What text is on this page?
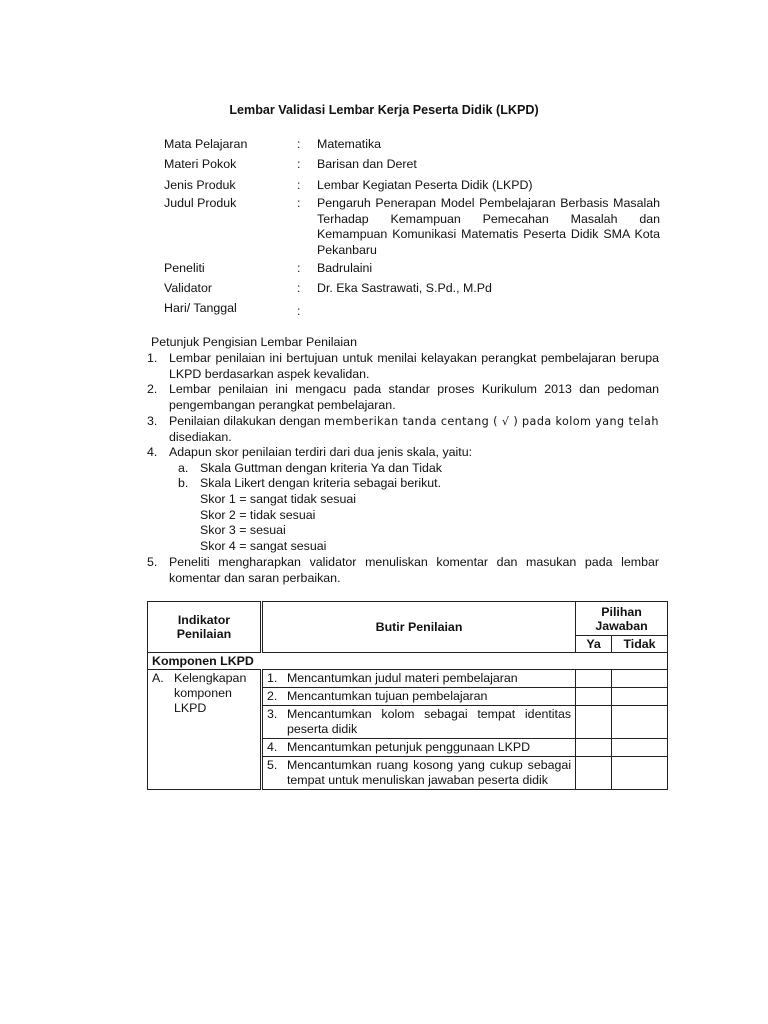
Lembar Validasi Lembar Kerja Peserta Didik (LKPD)
Mata Pelajaran	: Matematika
Materi Pokok	: Barisan dan Deret
Jenis Produk	: Lembar Kegiatan Peserta Didik (LKPD)
Judul Produk	: Pengaruh Penerapan Model Pembelajaran Berbasis Masalah Terhadap Kemampuan Pemecahan Masalah dan Kemampuan Komunikasi Matematis Peserta Didik SMA Kota Pekanbaru
Peneliti	: Badrulaini
Validator	: Dr. Eka Sastrawati, S.Pd., M.Pd
Hari/ Tanggal	:
Petunjuk Pengisian Lembar Penilaian
1. Lembar penilaian ini bertujuan untuk menilai kelayakan perangkat pembelajaran berupa LKPD berdasarkan aspek kevalidan.
2. Lembar penilaian ini mengacu pada standar proses Kurikulum 2013 dan pedoman pengembangan perangkat pembelajaran.
3. Penilaian dilakukan dengan memberikan tanda centang ( √ ) pada kolom yang telah
disediakan.
4. Adapun skor penilaian terdiri dari dua jenis skala, yaitu:
a. Skala Guttman dengan kriteria Ya dan Tidak
b. Skala Likert dengan kriteria sebagai berikut.
Skor 1 = sangat tidak sesuai
Skor 2 = tidak sesuai
Skor 3 = sesuai
Skor 4 = sangat sesuai
5. Peneliti mengharapkan validator menuliskan komentar dan masukan pada lembar komentar dan saran perbaikan.
Indikator Penilaian	Butir Penilaian	Pilihan Jawaban	
		Ya	Tidak
Komponen LKPD			

A. Kelengkapan komponen LKPD	1. Mencantumkan judul materi pembelajaran		

	2. Mencantumkan tujuan pembelajaran		

	3. Mencantumkan kolom sebagai tempat identitas peserta didik		

	4. Mencantumkan petunjuk penggunaan LKPD		

	5. Mencantumkan ruang kosong yang cukup sebagai tempat untuk menuliskan jawaban peserta didik		
